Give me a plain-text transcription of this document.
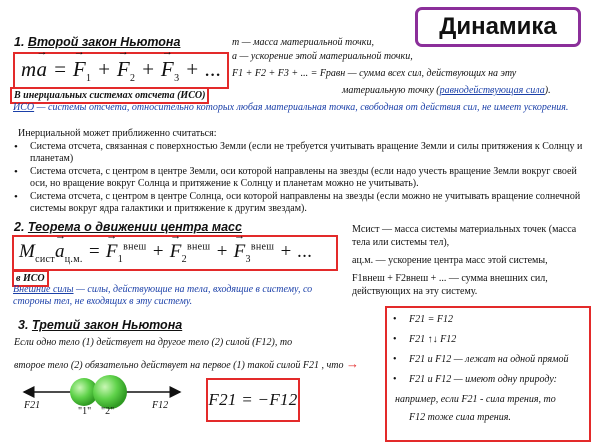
Динамика
1. Второй закон Ньютона
m→ a = → $F_1$ + → $F_2$ + → $F_3$ + ...
В инерциальных системах отсчета (ИСО)
m — масса материальной точки,
a — ускорение этой материальной точки,
F1 + F2 + F3 + ... = Fравн — сумма всех сил, действующих на эту
материальную точку (равнодействующая сила).
ИСО — системы отсчета, относительно которых любая материальная точка, свободная от действия сил, не имеет ускорения.
Инерциальной может приближенно считаться:
• Система отсчета, связанная с поверхностью Земли (если не требуется учитывать вращение Земли и силы притяжения к Солнцу и планетам)
• Система отсчета, с центром в центре Земли, оси которой направлены на звезды (если надо учесть вращение Земли вокруг своей оси, но вращение вокруг Солнца и притяжение к Солнцу и планетам можно не учитывать).
• Система отсчета, с центром в центре Солнца, оси которой направлены на звезды (если можно не учитывать вращение солнечной системы вокруг ядра галактики и притяжение к другим звездам).
2. Теорема о движении центра масс
$M_{сист}\to a_{ц.м.}$ = → $F_1^{внеш}$ + → $F_2^{внеш}$ + → $F_3^{внеш}$ + ...
в ИСО
Внешние силы — силы, действующие на тела, входящие в систему, со стороны тел, не входящих в эту систему.
Mсист — масса системы материальных точек (масса тела или системы тел),
aц.м. — ускорение центра масс этой системы,
F1внеш + F2внеш + ... — сумма внешних сил, действующих на эту систему.
3. Третий закон Ньютона
Если одно тело (1) действует на другое тело (2) силой (F12), то
второе тело (2) обязательно действует на первое (1) такой силой F21 , что →
"1" "2"
F21	F12 F21 = −F12
• F21 = F12
• F21 ↑↓ F12
• F21 и F12 — лежат на одной прямой
• F21 и F12 — имеют одну природу:
например, если F21 - сила трения, то
F12 тоже сила трения.
